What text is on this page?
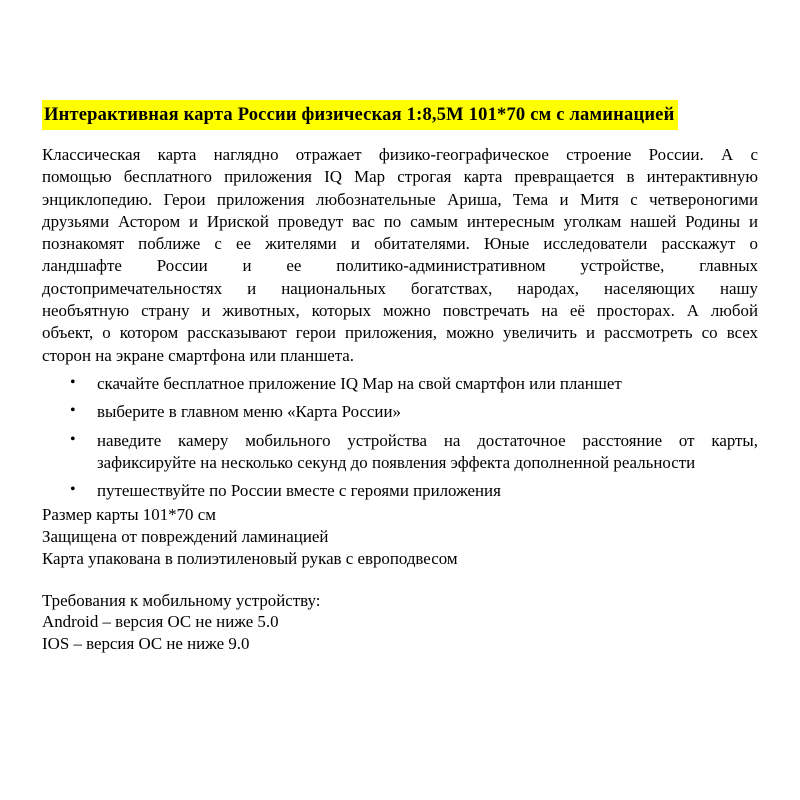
Интерактивная карта России физическая 1:8,5М 101*70 см с ламинацией
Классическая карта наглядно отражает физико-географическое строение России. А с
помощью бесплатного приложения IQ Map строгая карта превращается в интерактивную
энциклопедию. Герои приложения любознательные Ариша, Тема и Митя с четвероногими
друзьями Астором и Ириской проведут вас по самым интересным уголкам нашей Родины и
познакомят поближе с ее жителями и обитателями. Юные исследователи расскажут о
ландшафте России и ее политико-административном устройстве, главных
достопримечательностях и национальных богатствах, народах, населяющих нашу
необъятную страну и животных, которых можно повстречать на её просторах. А любой
объект, о котором рассказывают герои приложения, можно увеличить и рассмотреть со всех
сторон на экране смартфона или планшета.
• скачайте бесплатное приложение IQ Map на свой смартфон или планшет
• выберите в главном меню «Карта России»
• наведите камеру мобильного устройства на достаточное расстояние от карты, зафиксируйте на несколько секунд до появления эффекта дополненной реальности
• путешествуйте по России вместе с героями приложения
Размер карты 101*70 см
Защищена от повреждений ламинацией
Карта упакована в полиэтиленовый рукав с европодвесом
Требования к мобильному устройству:
Android – версия ОС не ниже 5.0
IOS – версия ОС не ниже 9.0
